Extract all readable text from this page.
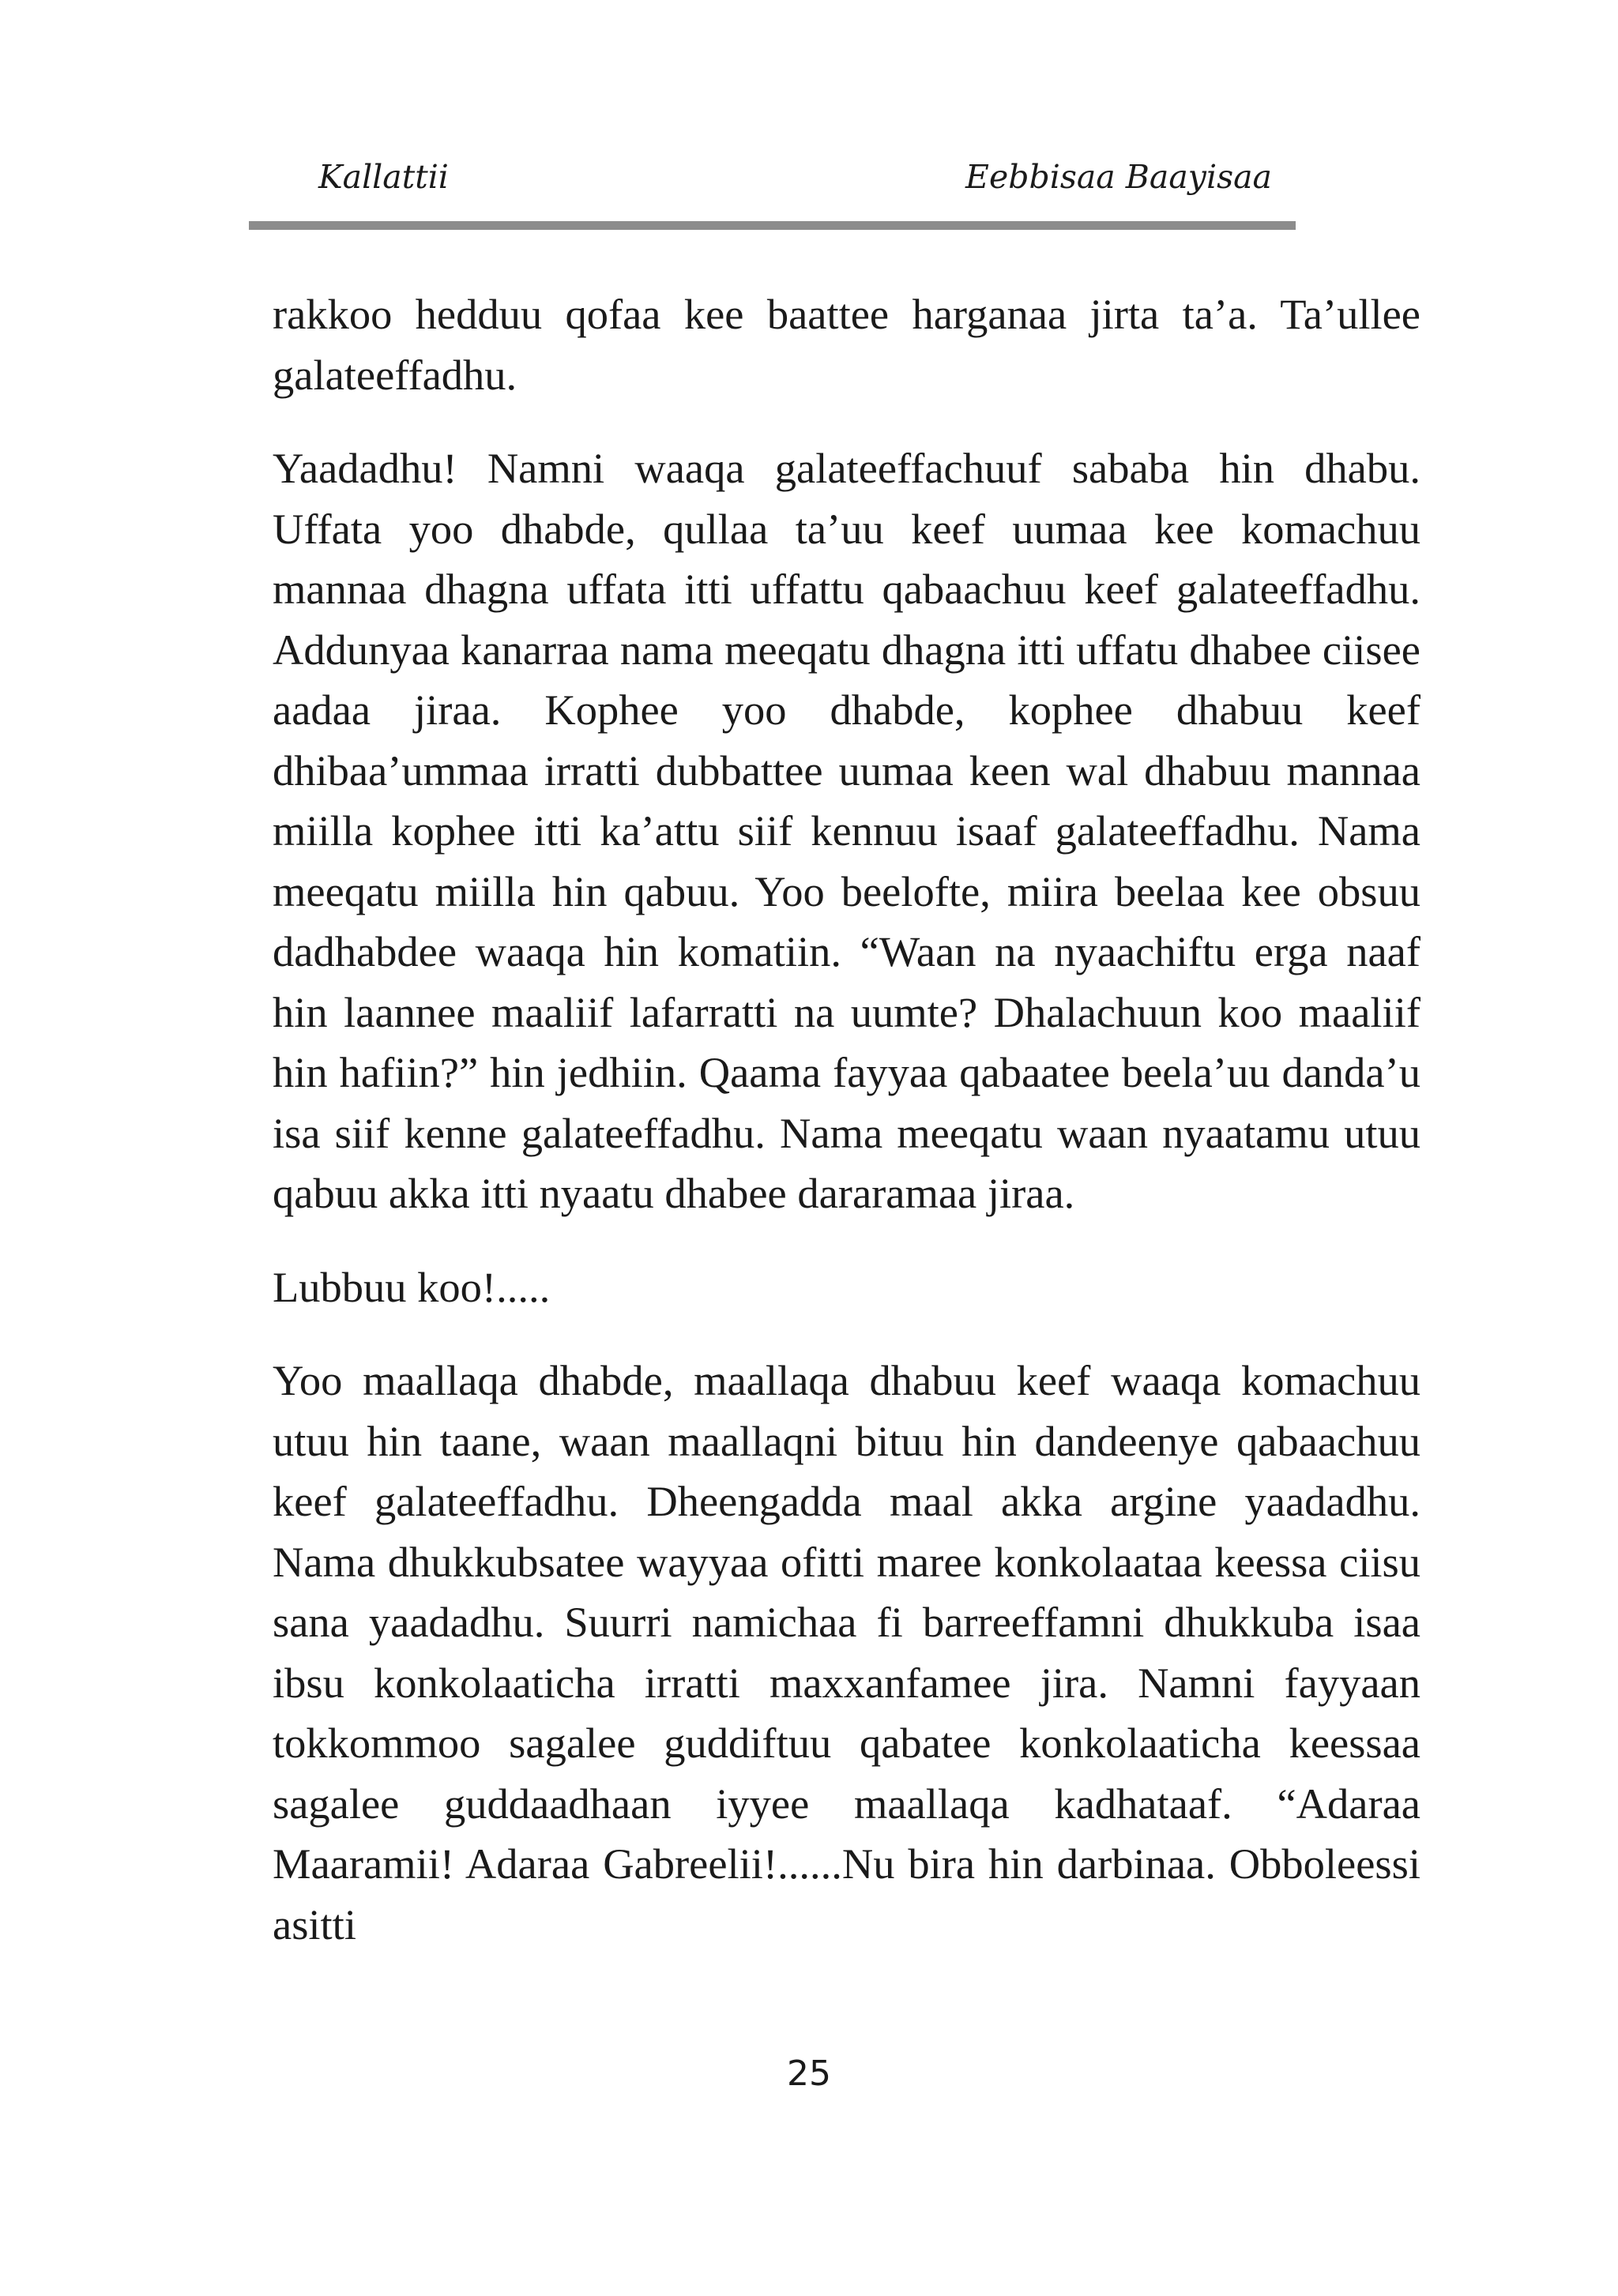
Kallattii	Eebbisaa Baayisaa

rakkoo hedduu qofaa kee baattee harganaa jirta ta’a. Ta’ullee galateeffadhu.

Yaadadhu! Namni waaqa galateeffachuuf sababa hin dhabu. Uffata yoo dhabde, qullaa ta’uu keef uumaa kee komachuu mannaa dhagna uffata itti uffattu qabaachuu keef galateeffadhu. Addunyaa kanarraa nama meeqatu dhagna itti uffatu dhabee ciisee aadaa jiraa. Kophee yoo dhabde, kophee dhabuu keef dhibaa’ummaa irratti dubbattee uumaa keen wal dhabuu mannaa miilla kophee itti ka’attu siif kennuu isaaf galateeffadhu. Nama meeqatu miilla hin qabuu. Yoo beelofte, miira beelaa kee obsuu dadhabdee waaqa hin komatiin. “Waan na nyaachiftu erga naaf hin laannee maaliif lafarratti na uumte? Dhalachuun koo maaliif hin hafiin?” hin jedhiin. Qaama fayyaa qabaatee beela’uu danda’u isa siif kenne galateeffadhu. Nama meeqatu waan nyaatamu utuu qabuu akka itti nyaatu dhabee dararamaa jiraa.

Lubbuu koo!.....

Yoo maallaqa dhabde, maallaqa dhabuu keef waaqa komachuu utuu hin taane, waan maallaqni bituu hin dandeenye qabaachuu keef galateeffadhu. Dheengadda maal akka argine yaadadhu. Nama dhukkubsatee wayyaa ofitti maree konkolaataa keessa ciisu sana yaadadhu. Suurri namichaa fi barreeffamni dhukkuba isaa ibsu konkolaaticha irratti maxxanfamee jira. Namni fayyaan tokkommoo sagalee guddiftuu qabatee konkolaaticha keessaa sagalee guddaadhaan iyyee maallaqa kadhataaf. “Adaraa Maaramii! Adaraa Gabreelii!......Nu bira hin darbinaa. Obboleessi asitti

25
